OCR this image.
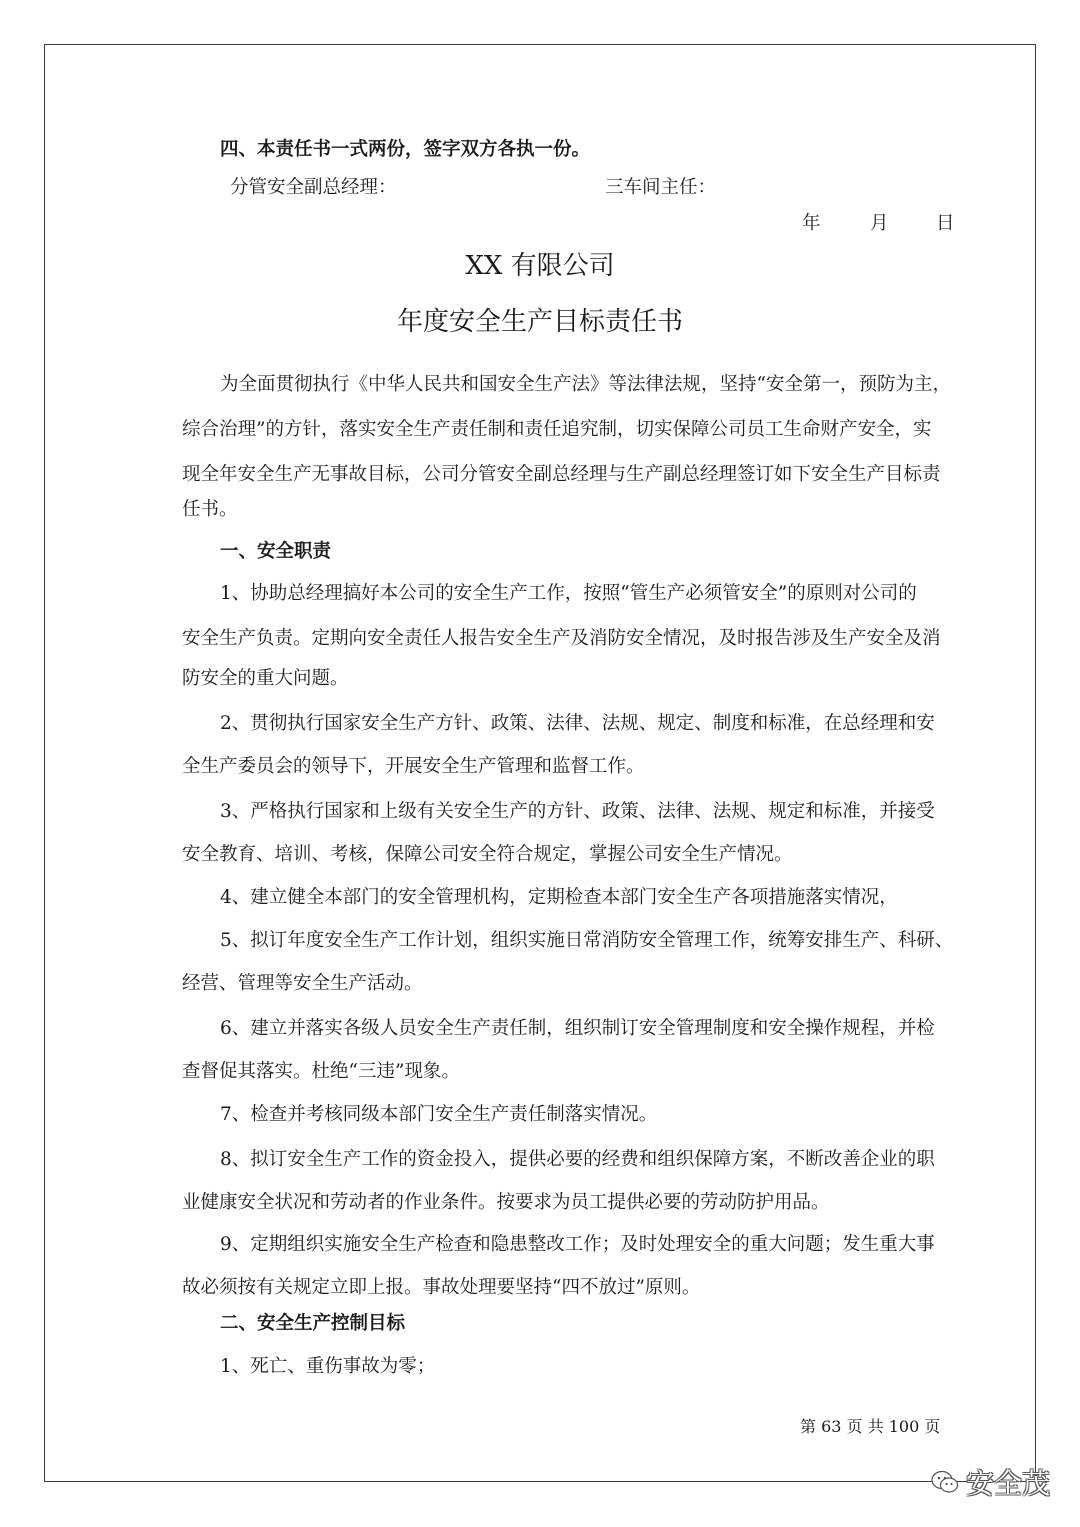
四、本责任书一式两份，签字双方各执一份。
分管安全副总经理：	三车间主任：
年	月	日
XX 有限公司
年度安全生产目标责任书
为全面贯彻执行《中华人民共和国安全生产法》等法律法规，坚持“安全第一，预防为主，
综合治理”的方针，落实安全生产责任制和责任追究制，切实保障公司员工生命财产安全，实
现全年安全生产无事故目标，公司分管安全副总经理与生产副总经理签订如下安全生产目标责
任书。
一、安全职责
1、协助总经理搞好本公司的安全生产工作，按照“管生产必须管安全”的原则对公司的
安全生产负责。定期向安全责任人报告安全生产及消防安全情况，及时报告涉及生产安全及消
防安全的重大问题。
2、贯彻执行国家安全生产方针、政策、法律、法规、规定、制度和标准，在总经理和安
全生产委员会的领导下，开展安全生产管理和监督工作。
3、严格执行国家和上级有关安全生产的方针、政策、法律、法规、规定和标准，并接受
安全教育、培训、考核，保障公司安全符合规定，掌握公司安全生产情况。
4、建立健全本部门的安全管理机构，定期检查本部门安全生产各项措施落实情况，
5、拟订年度安全生产工作计划，组织实施日常消防安全管理工作，统筹安排生产、科研、
经营、管理等安全生产活动。
6、建立并落实各级人员安全生产责任制，组织制订安全管理制度和安全操作规程，并检
查督促其落实。杜绝“三违”现象。
7、检查并考核同级本部门安全生产责任制落实情况。
8、拟订安全生产工作的资金投入，提供必要的经费和组织保障方案，不断改善企业的职
业健康安全状况和劳动者的作业条件。按要求为员工提供必要的劳动防护用品。
9、定期组织实施安全生产检查和隐患整改工作；及时处理安全的重大问题；发生重大事
故必须按有关规定立即上报。事故处理要坚持“四不放过”原则。
二、安全生产控制目标
1、死亡、重伤事故为零；
第 63 页 共 100 页
安全茂
